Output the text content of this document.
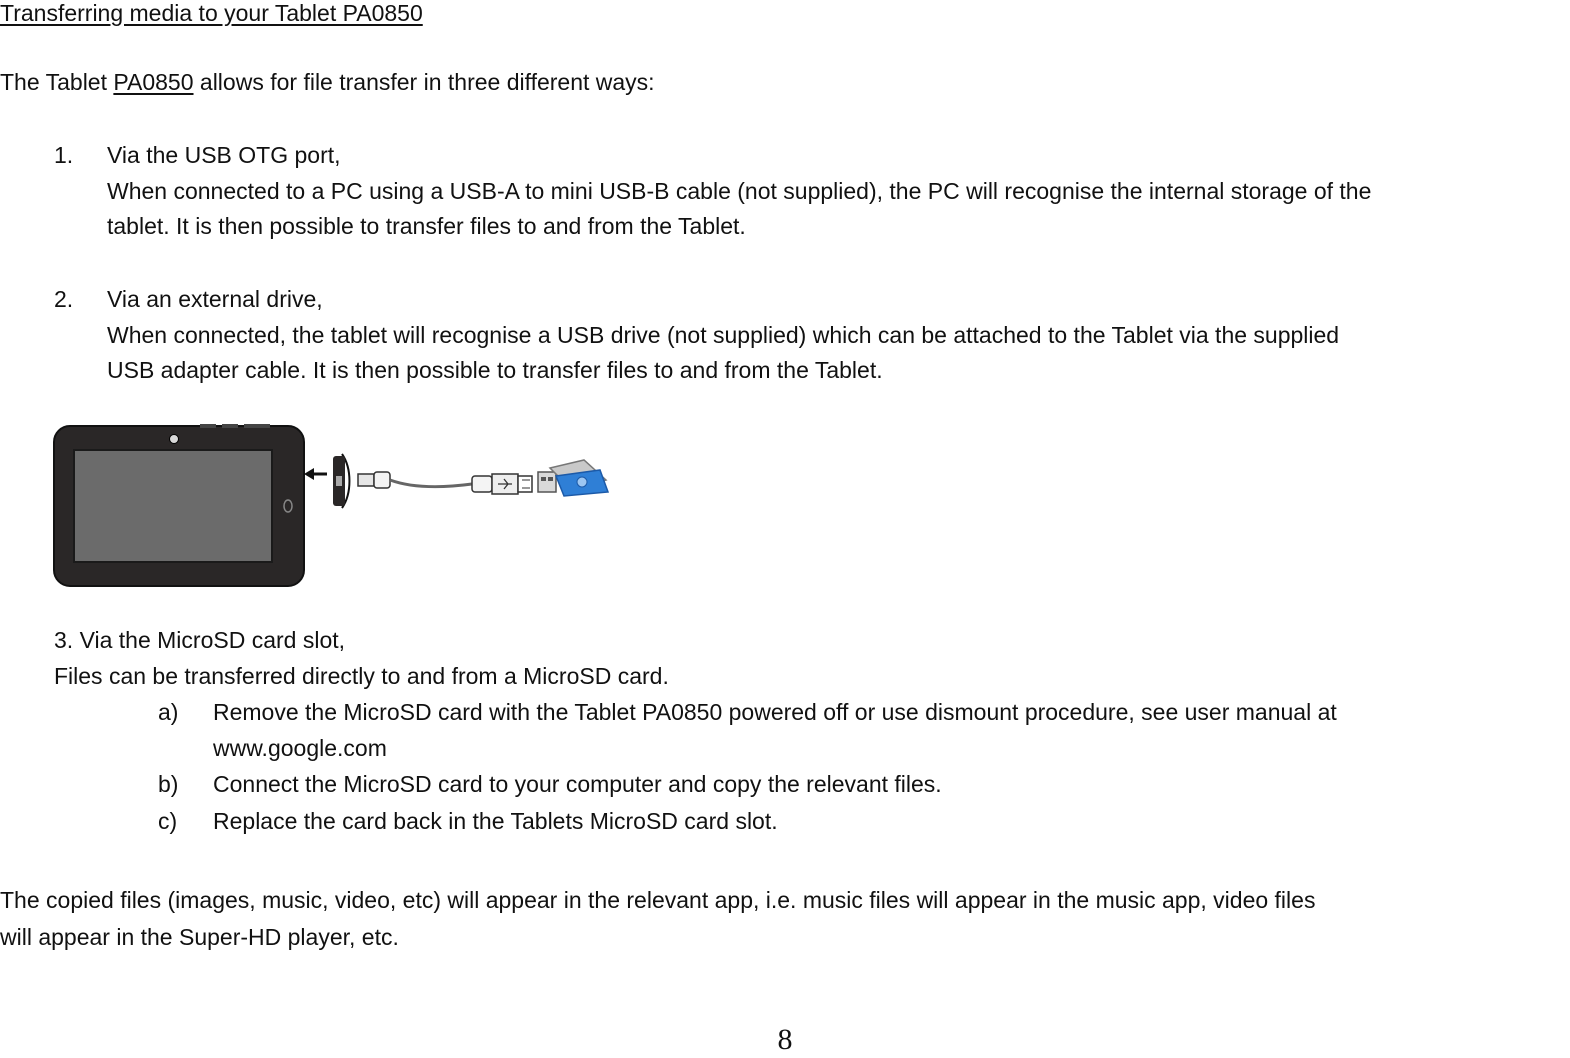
Transferring media to your Tablet PA0850
The Tablet PA0850 allows for file transfer in three different ways:
1. Via the USB OTG port,
When connected to a PC using a USB-A to mini USB-B cable (not supplied), the PC will recognise the internal storage of the
tablet. It is then possible to transfer files to and from the Tablet.
2. Via an external drive,
When connected, the tablet will recognise a USB drive (not supplied) which can be attached to the Tablet via the supplied
USB adapter cable. It is then possible to transfer files to and from the Tablet.
3. Via the MicroSD card slot,
Files can be transferred directly to and from a MicroSD card.
a) Remove the MicroSD card with the Tablet PA0850 powered off or use dismount procedure, see user manual at
www.google.com
b) Connect the MicroSD card to your computer and copy the relevant files.
c) Replace the card back in the Tablets MicroSD card slot.
The copied files (images, music, video, etc) will appear in the relevant app, i.e. music files will appear in the music app, video files
will appear in the Super-HD player, etc.
8
